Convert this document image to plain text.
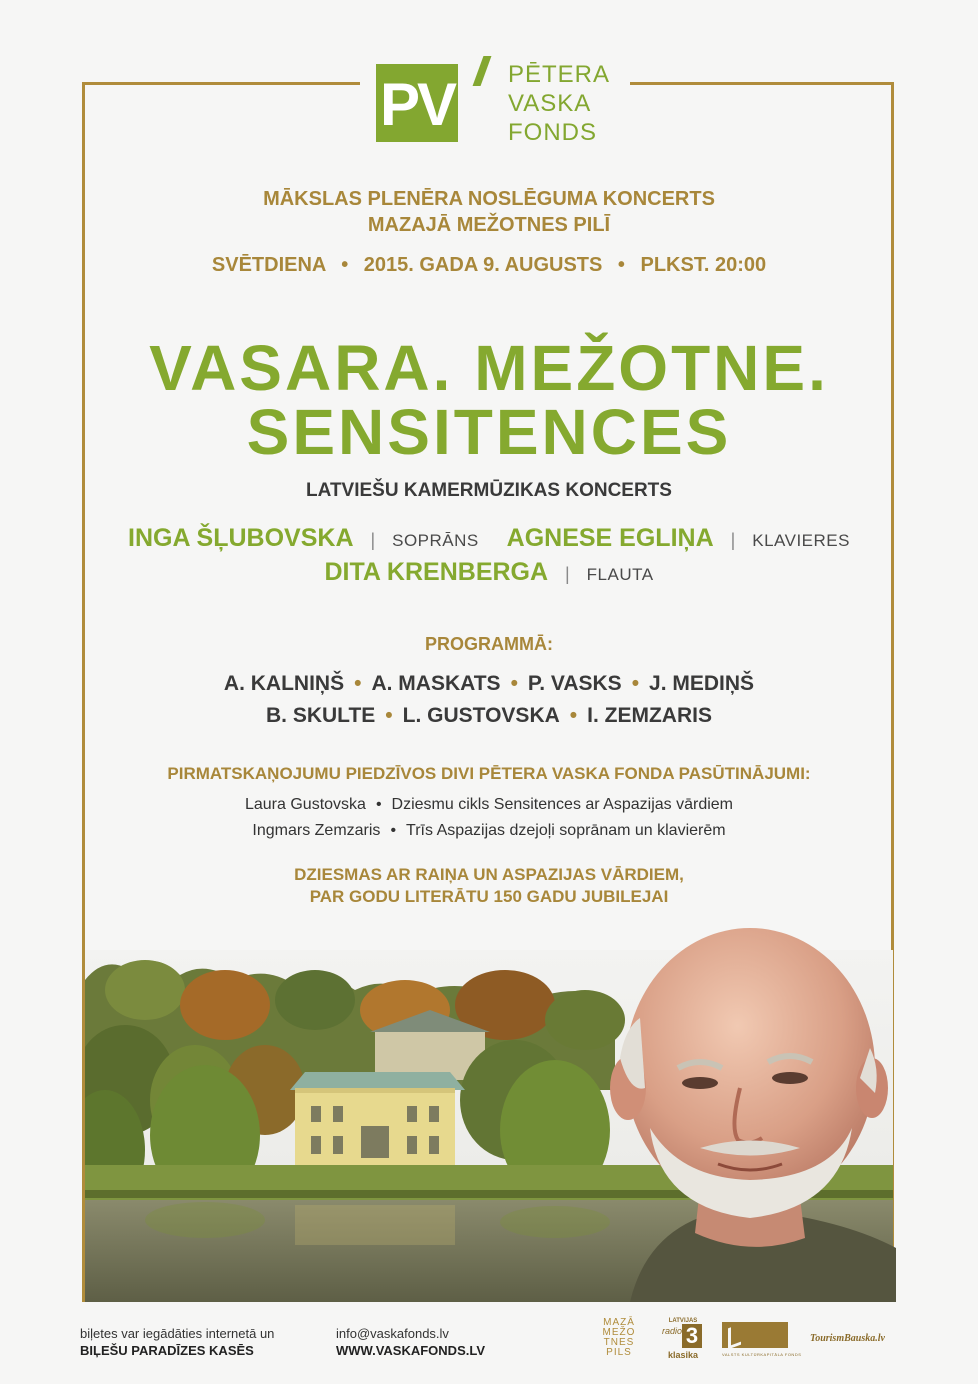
PV PĒTERA
VASKA
FONDS
MĀKSLAS PLENĒRA NOSLĒGUMA KONCERTS
MAZAJĀ MEŽOTNES PILĪ
SVĒTDIENA • 2015. GADA 9. AUGUSTS • PLKST. 20:00
VASARA. MEŽOTNE.
SENSITENCES
LATVIEŠU KAMERMŪZIKAS KONCERTS
INGA ŠĻUBOVSKA | SOPRĀNS AGNESE EGLIŅA | KLAVIERES
DITA KRENBERGA | FLAUTA
PROGRAMMĀ:
A. KALNIŅŠ • A. MASKATS • P. VASKS • J. MEDIŅŠ
B. SKULTE • L. GUSTOVSKA • I. ZEMZARIS
PIRMATSKAŅOJUMU PIEDZĪVOS DIVI PĒTERA VASKA FONDA PASŪTINĀJUMI:
Laura Gustovska • Dziesmu cikls Sensitences ar Aspazijas vārdiem
Ingmars Zemzaris • Trīs Aspazijas dzejoļi soprānam un klavierēm
DZIESMAS AR RAIŅA UN ASPAZIJAS VĀRDIEM,
PAR GODU LITERĀTU 150 GADU JUBILEJAI
biļetes var iegādāties internetā un
BIĻEŠU PARADĪZES KASĒS
info@vaskafonds.lv
WWW.VASKAFONDS.LV
MAZĀ
MEŽO
TNES
PILS
LATVIJAS
radio 3
klasika	VALSTS KULTŪRKAPITĀLA FONDS
TourismBauska.lv
